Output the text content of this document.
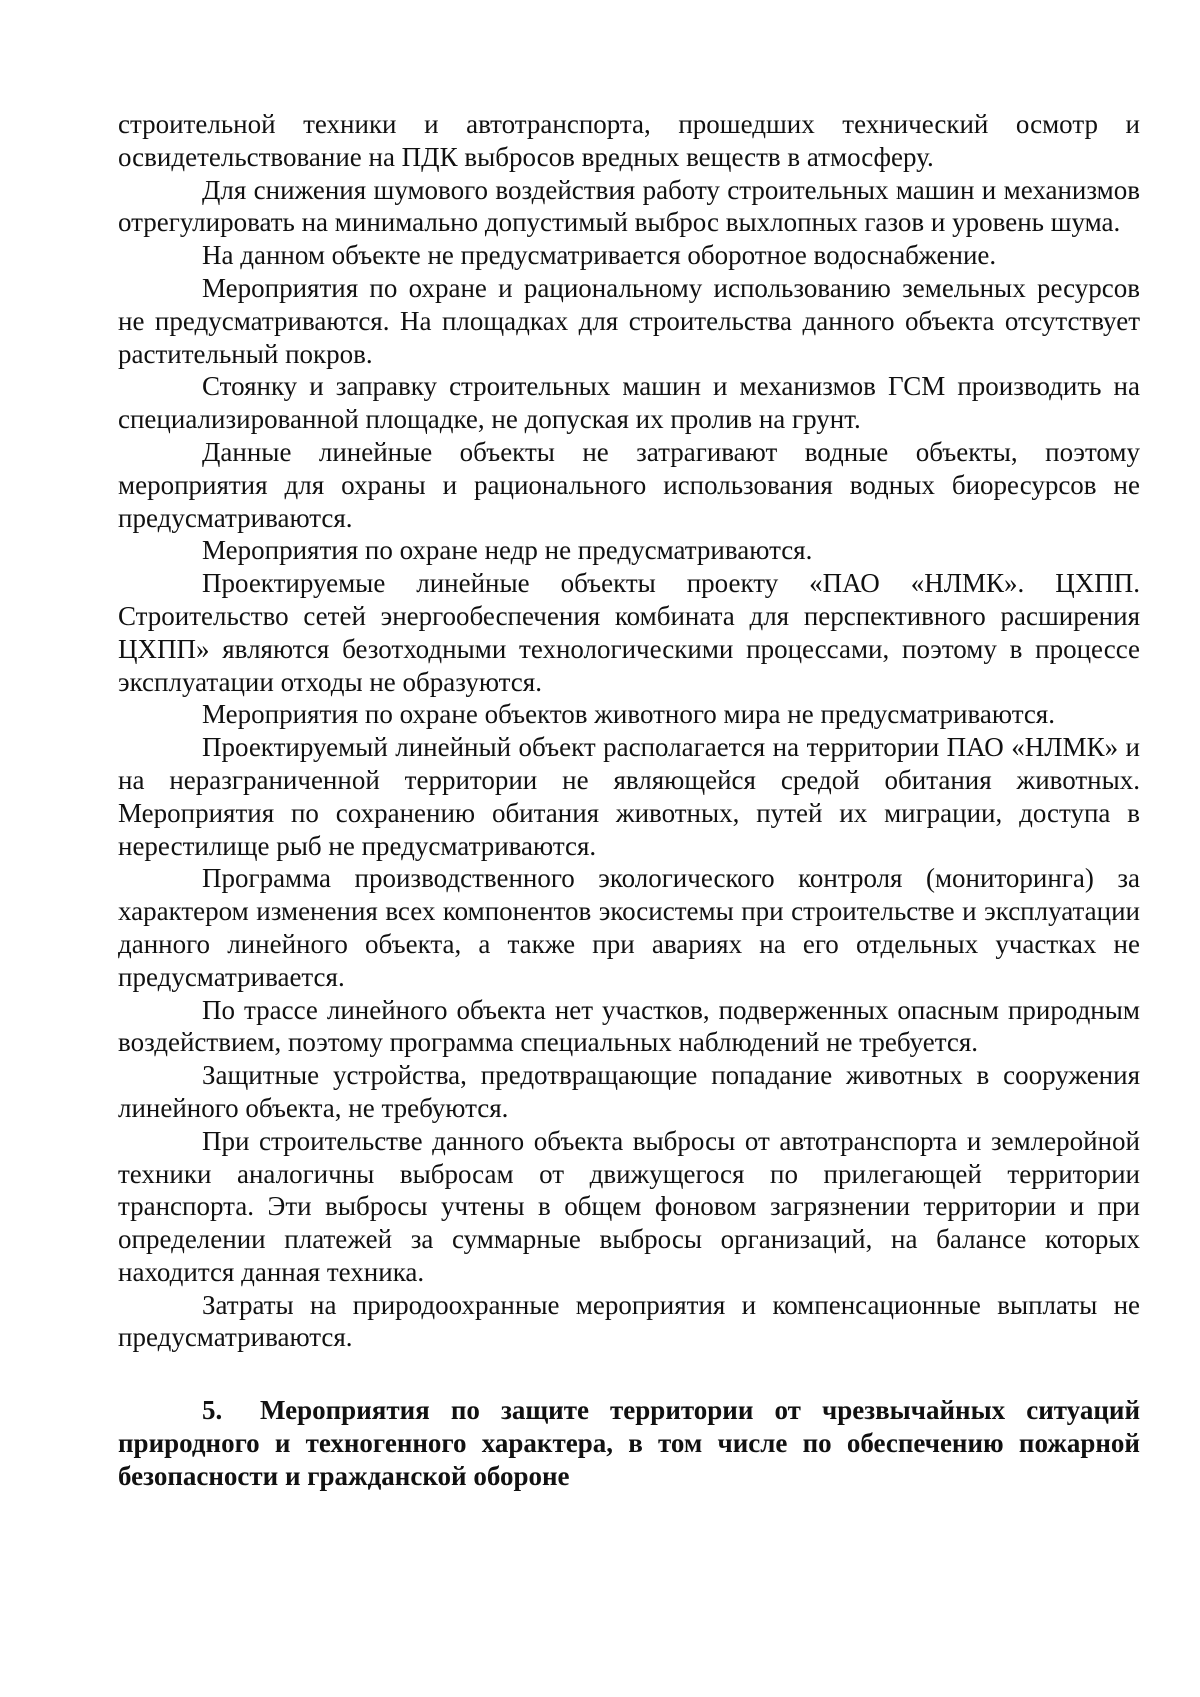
строительной техники и автотранспорта, прошедших технический осмотр и освидетельствование на ПДК выбросов вредных веществ в атмосферу.

Для снижения шумового воздействия работу строительных машин и механизмов отрегулировать на минимально допустимый выброс выхлопных газов и уровень шума.

На данном объекте не предусматривается оборотное водоснабжение.

Мероприятия по охране и рациональному использованию земельных ресурсов не предусматриваются. На площадках для строительства данного объекта отсутствует растительный покров.

Стоянку и заправку строительных машин и механизмов ГСМ производить на специализированной площадке, не допуская их пролив на грунт.

Данные линейные объекты не затрагивают водные объекты, поэтому мероприятия для охраны и рационального использования водных биоресурсов не предусматриваются.

Мероприятия по охране недр не предусматриваются.

Проектируемые линейные объекты проекту «ПАО «НЛМК». ЦХПП. Строительство сетей энергообеспечения комбината для перспективного расширения ЦХПП» являются безотходными технологическими процессами, поэтому в процессе эксплуатации отходы не образуются.

Мероприятия по охране объектов животного мира не предусматриваются.

Проектируемый линейный объект располагается на территории ПАО «НЛМК» и на неразграниченной территории не являющейся средой обитания животных. Мероприятия по сохранению обитания животных, путей их миграции, доступа в нерестилище рыб не предусматриваются.

Программа производственного экологического контроля (мониторинга) за характером изменения всех компонентов экосистемы при строительстве и эксплуатации данного линейного объекта, а также при авариях на его отдельных участках не предусматривается.

По трассе линейного объекта нет участков, подверженных опасным природным воздействием, поэтому программа специальных наблюдений не требуется.

Защитные устройства, предотвращающие попадание животных в сооружения линейного объекта, не требуются.

При строительстве данного объекта выбросы от автотранспорта и землеройной техники аналогичны выбросам от движущегося по прилегающей территории транспорта. Эти выбросы учтены в общем фоновом загрязнении территории и при определении платежей за суммарные выбросы организаций, на балансе которых находится данная техника.

Затраты на природоохранные мероприятия и компенсационные выплаты не предусматриваются.

5. Мероприятия по защите территории от чрезвычайных ситуаций природного и техногенного характера, в том числе по обеспечению пожарной безопасности и гражданской обороне
